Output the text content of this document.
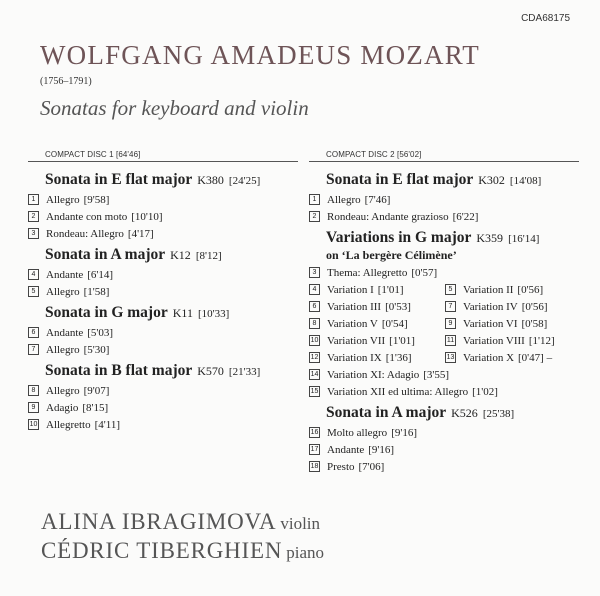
CDA68175
WOLFGANG AMADEUS MOZART
(1756–1791)
Sonatas for keyboard and violin
COMPACT DISC 1 [64'46]
Sonata in E flat major K380 [24'25]
1 Allegro [9'58]
2 Andante con moto [10'10]
3 Rondeau: Allegro [4'17]
Sonata in A major K12 [8'12]
4 Andante [6'14]
5 Allegro [1'58]
Sonata in G major K11 [10'33]
6 Andante [5'03]
7 Allegro [5'30]
Sonata in B flat major K570 [21'33]
8 Allegro [9'07]
9 Adagio [8'15]
10 Allegretto [4'11]
COMPACT DISC 2 [56'02]
Sonata in E flat major K302 [14'08]
1 Allegro [7'46]
2 Rondeau: Andante grazioso [6'22]
Variations in G major K359 [16'14]
on ‘La bergère Célimène’
3 Thema: Allegretto [0'57]
4 Variation I [1'01]	5 Variation II [0'56]
6 Variation III [0'53]	7 Variation IV [0'56]
8 Variation V [0'54]	9 Variation VI [0'58]
10 Variation VII [1'01]	11 Variation VIII [1'12]
12 Variation IX [1'36]	13 Variation X [0'47] –
14 Variation XI: Adagio [3'55]
15 Variation XII ed ultima: Allegro [1'02]
Sonata in A major K526 [25'38]
16 Molto allegro [9'16]
17 Andante [9'16]
18 Presto [7'06]
ALINA IBRAGIMOVA violin
CÉDRIC TIBERGHIEN piano
